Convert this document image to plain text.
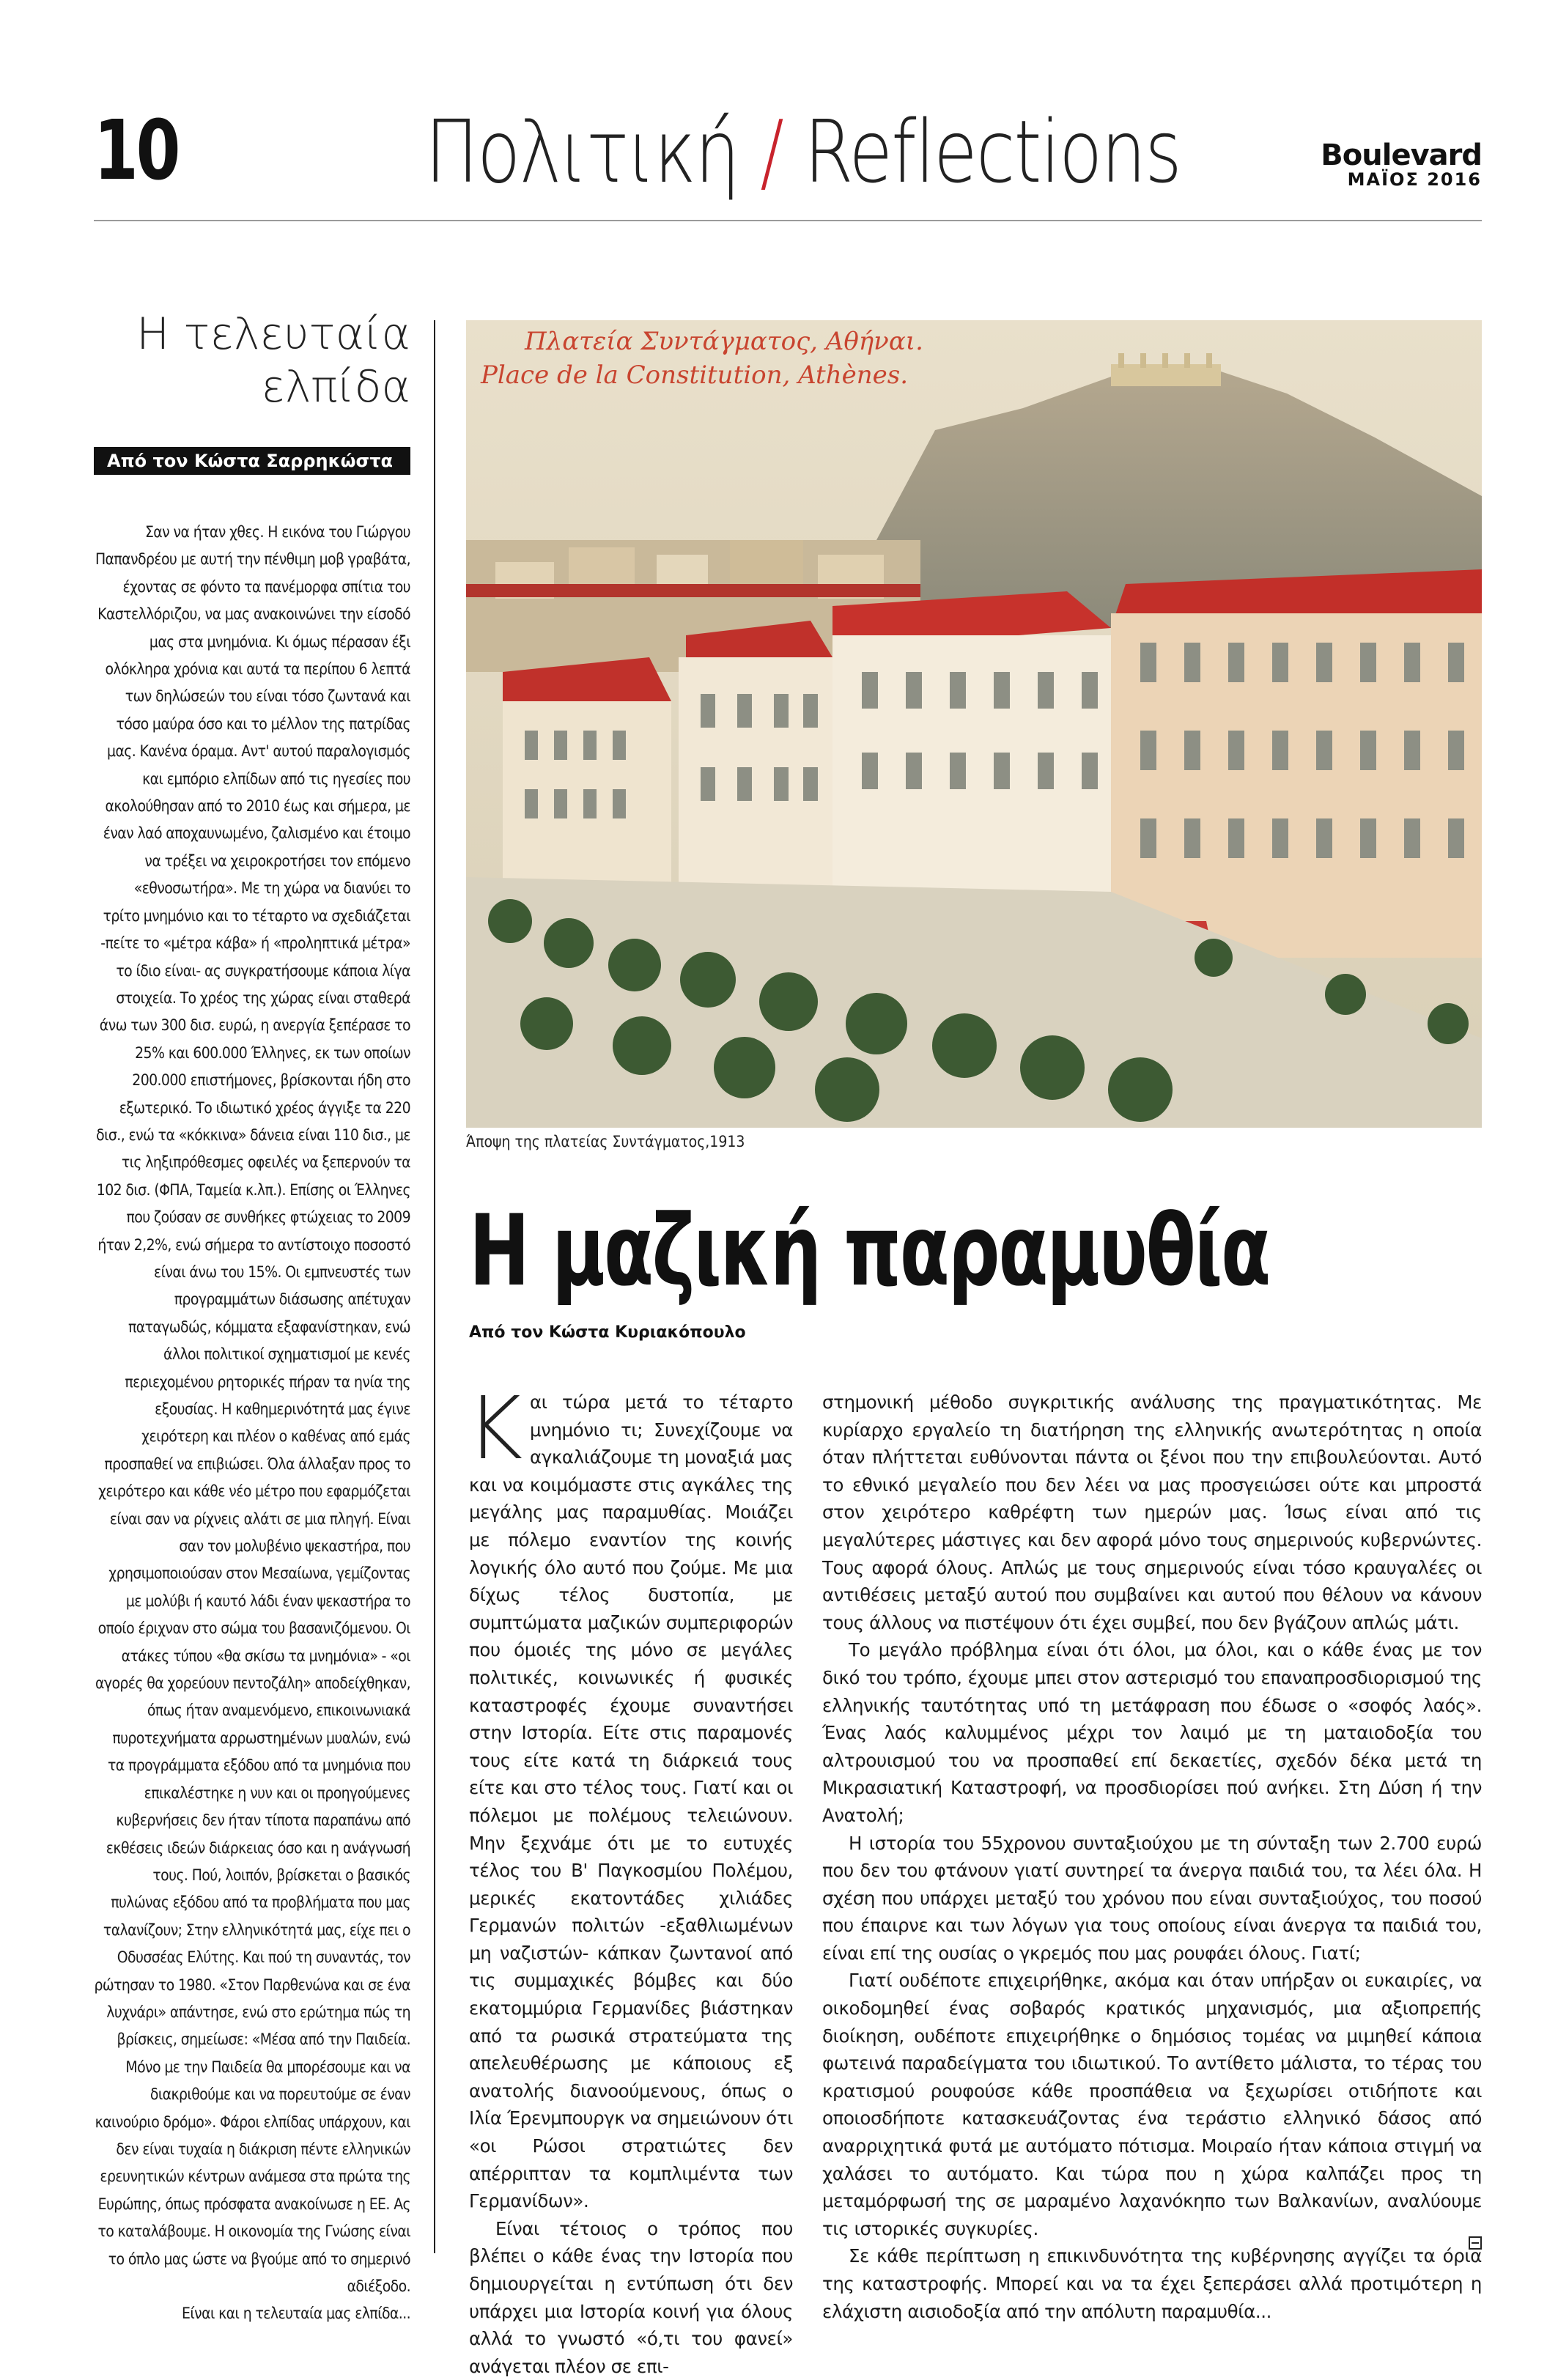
10	Πολιτική / Reflections	Boulevard
ΜΑΪΟΣ 2016
Η τελευταία
ελπίδα
Από τον Κώστα Σαρρηκώστα

Σαν να ήταν χθες. Η εικόνα του Γιώργου Παπανδρέου με αυτή την πένθιμη μοβ γραβάτα, έχοντας σε φόντο τα πανέμορφα σπίτια του Καστελλόριζου, να μας ανακοινώνει την είσοδό μας στα μνημόνια. Κι όμως πέρασαν έξι ολόκληρα χρόνια και αυτά τα περίπου 6 λεπτά των δηλώσεών του είναι τόσο ζωντανά και τόσο μαύρα όσο και το μέλλον της πατρίδας μας. Κανένα όραμα. Αντ' αυτού παραλογισμός και εμπόριο ελπίδων από τις ηγεσίες που ακολούθησαν από το 2010 έως και σήμερα, με έναν λαό αποχαυνωμένο, ζαλισμένο και έτοιμο να τρέξει να χειροκροτήσει τον επόμενο «εθνοσωτήρα». Με τη χώρα να διανύει το τρίτο μνημόνιο και το τέταρτο να σχεδιάζεται -πείτε το «μέτρα κάβα» ή «προληπτικά μέτρα» το ίδιο είναι- ας συγκρατήσουμε κάποια λίγα στοιχεία. Το χρέος της χώρας είναι σταθερά άνω των 300 δισ. ευρώ, η ανεργία ξεπέρασε το 25% και 600.000 Έλληνες, εκ των οποίων 200.000 επιστήμονες, βρίσκονται ήδη στο εξωτερικό. Το ιδιωτικό χρέος άγγιξε τα 220 δισ., ενώ τα «κόκκινα» δάνεια είναι 110 δισ., με τις ληξιπρόθεσμες οφειλές να ξεπερνούν τα 102 δισ. (ΦΠΑ, Ταμεία κ.λπ.). Επίσης οι Έλληνες που ζούσαν σε συνθήκες φτώχειας το 2009 ήταν 2,2%, ενώ σήμερα το αντίστοιχο ποσοστό είναι άνω του 15%. Οι εμπνευστές των προγραμμάτων διάσωσης απέτυχαν παταγωδώς, κόμματα εξαφανίστηκαν, ενώ άλλοι πολιτικοί σχηματισμοί με κενές περιεχομένου ρητορικές πήραν τα ηνία της εξουσίας. Η καθημερινότητά μας έγινε χειρότερη και πλέον ο καθένας από εμάς προσπαθεί να επιβιώσει. Όλα άλλαξαν προς το χειρότερο και κάθε νέο μέτρο που εφαρμόζεται είναι σαν να ρίχνεις αλάτι σε μια πληγή. Είναι σαν τον μολυβένιο ψεκαστήρα, που χρησιμοποιούσαν στον Μεσαίωνα, γεμίζοντας με μολύβι ή καυτό λάδι έναν ψεκαστήρα το οποίο έριχναν στο σώμα του βασανιζόμενου. Οι ατάκες τύπου «θα σκίσω τα μνημόνια» - «οι αγορές θα χορεύουν πεντοζάλη» αποδείχθηκαν, όπως ήταν αναμενόμενο, επικοινωνιακά πυροτεχνήματα αρρωστημένων μυαλών, ενώ τα προγράμματα εξόδου από τα μνημόνια που επικαλέστηκε η νυν και οι προηγούμενες κυβερνήσεις δεν ήταν τίποτα παραπάνω από εκθέσεις ιδεών διάρκειας όσο και η ανάγνωσή τους. Πού, λοιπόν, βρίσκεται ο βασικός πυλώνας εξόδου από τα προβλήματα που μας ταλανίζουν; Στην ελληνικότητά μας, είχε πει ο Οδυσσέας Ελύτης. Και πού τη συναντάς, τον ρώτησαν το 1980. «Στον Παρθενώνα και σε ένα λυχνάρι» απάντησε, ενώ στο ερώτημα πώς τη βρίσκεις, σημείωσε: «Μέσα από την Παιδεία. Μόνο με την Παιδεία θα μπορέσουμε και να διακριθούμε και να πορευτούμε σε έναν καινούριο δρόμο». Φάροι ελπίδας υπάρχουν, και δεν είναι τυχαία η διάκριση πέντε ελληνικών ερευνητικών κέντρων ανάμεσα στα πρώτα της Ευρώπης, όπως πρόσφατα ανακοίνωσε η ΕΕ. Ας το καταλάβουμε. Η οικονομία της Γνώσης είναι το όπλο μας ώστε να βγούμε από το σημερινό αδιέξοδο.

Είναι και η τελευταία μας ελπίδα...

Πλατεία Συντάγματος, Αθήναι.
Place de la Constitution, Athènes.
Άποψη της πλατείας Συντάγματος,1913
Η μαζική παραμυθία
Από τον Κώστα Κυριακόπουλο

Και τώρα μετά το τέταρτο μνημόνιο τι; Συνεχίζουμε να αγκαλιάζουμε τη μοναξιά μας και να κοιμόμαστε στις αγκάλες της μεγάλης μας παραμυθίας. Μοιάζει με πόλεμο εναντίον της κοινής λογικής όλο αυτό που ζούμε. Με μια δίχως τέλος δυστοπία, με συμπτώματα μαζικών συμπεριφορών που όμοιές της μόνο σε μεγάλες πολιτικές, κοινωνικές ή φυσικές καταστροφές έχουμε συναντήσει στην Ιστορία. Είτε στις παραμονές τους είτε κατά τη διάρκειά τους είτε και στο τέλος τους. Γιατί και οι πόλεμοι με πολέμους τελειώνουν. Μην ξεχνάμε ότι με το ευτυχές τέλος του Β' Παγκοσμίου Πολέμου, μερικές εκατοντάδες χιλιάδες Γερμανών πολιτών -εξαθλιωμένων μη ναζιστών- κάπκαν ζωντανοί από τις συμμαχικές βόμβες και δύο εκατομμύρια Γερμανίδες βιάστηκαν από τα ρωσικά στρατεύματα της απελευθέρωσης με κάποιους εξ ανατολής διανοούμενους, όπως ο Ιλία Έρενμπουργκ να σημειώνουν ότι «οι Ρώσοι στρατιώτες δεν απέρριπταν τα κομπλιμέντα των Γερμανίδων».

Είναι τέτοιος ο τρόπος που βλέπει ο κάθε ένας την Ιστορία που δημιουργείται η εντύπωση ότι δεν υπάρχει μια Ιστορία κοινή για όλους αλλά το γνωστό «ό,τι του φανεί» ανάγεται πλέον σε επι-

στημονική μέθοδο συγκριτικής ανάλυσης της πραγματικότητας. Με κυρίαρχο εργαλείο τη διατήρηση της ελληνικής ανωτερότητας η οποία όταν πλήττεται ευθύνονται πάντα οι ξένοι που την επιβουλεύονται. Αυτό το εθνικό μεγαλείο που δεν λέει να μας προσγειώσει ούτε και μπροστά στον χειρότερο καθρέφτη των ημερών μας. Ίσως είναι από τις μεγαλύτερες μάστιγες και δεν αφορά μόνο τους σημερινούς κυβερνώντες. Τους αφορά όλους. Απλώς με τους σημερινούς είναι τόσο κραυγαλέες οι αντιθέσεις μεταξύ αυτού που συμβαίνει και αυτού που θέλουν να κάνουν τους άλλους να πιστέψουν ότι έχει συμβεί, που δεν βγάζουν απλώς μάτι.

Το μεγάλο πρόβλημα είναι ότι όλοι, μα όλοι, και ο κάθε ένας με τον δικό του τρόπο, έχουμε μπει στον αστερισμό του επαναπροσδιορισμού της ελληνικής ταυτότητας υπό τη μετάφραση που έδωσε ο «σοφός λαός». Ένας λαός καλυμμένος μέχρι τον λαιμό με τη ματαιοδοξία του αλτρουισμού του να προσπαθεί επί δεκαετίες, σχεδόν δέκα μετά τη Μικρασιατική Καταστροφή, να προσδιορίσει πού ανήκει. Στη Δύση ή την Ανατολή;

Η ιστορία του 55χρονου συνταξιούχου με τη σύνταξη των 2.700 ευρώ που δεν του φτάνουν γιατί συντηρεί τα άνεργα παιδιά του, τα λέει όλα. Η σχέση που υπάρχει μεταξύ του χρόνου που είναι συνταξιούχος, του ποσού που έπαιρνε και των λόγων για τους οποίους είναι άνεργα τα παιδιά του, είναι επί της ουσίας ο γκρεμός που μας ρουφάει όλους. Γιατί;

Γιατί ουδέποτε επιχειρήθηκε, ακόμα και όταν υπήρξαν οι ευκαιρίες, να οικοδομηθεί ένας σοβαρός κρατικός μηχανισμός, μια αξιοπρεπής διοίκηση, ουδέποτε επιχειρήθηκε ο δημόσιος τομέας να μιμηθεί κάποια φωτεινά παραδείγματα του ιδιωτικού. Το αντίθετο μάλιστα, το τέρας του κρατισμού ρουφούσε κάθε προσπάθεια να ξεχωρίσει οτιδήποτε και οποιοσδήποτε κατασκευάζοντας ένα τεράστιο ελληνικό δάσος από αναρριχητικά φυτά με αυτόματο πότισμα. Μοιραίο ήταν κάποια στιγμή να χαλάσει το αυτόματο. Και τώρα που η χώρα καλπάζει προς τη μεταμόρφωσή της σε μαραμένο λαχανόκηπο των Βαλκανίων, αναλύουμε τις ιστορικές συγκυρίες.

Σε κάθε περίπτωση η επικινδυνότητα της κυβέρνησης αγγίζει τα όρια της καταστροφής. Μπορεί και να τα έχει ξεπεράσει αλλά προτιμότερη η ελάχιστη αισιοδοξία από την απόλυτη παραμυθία...
